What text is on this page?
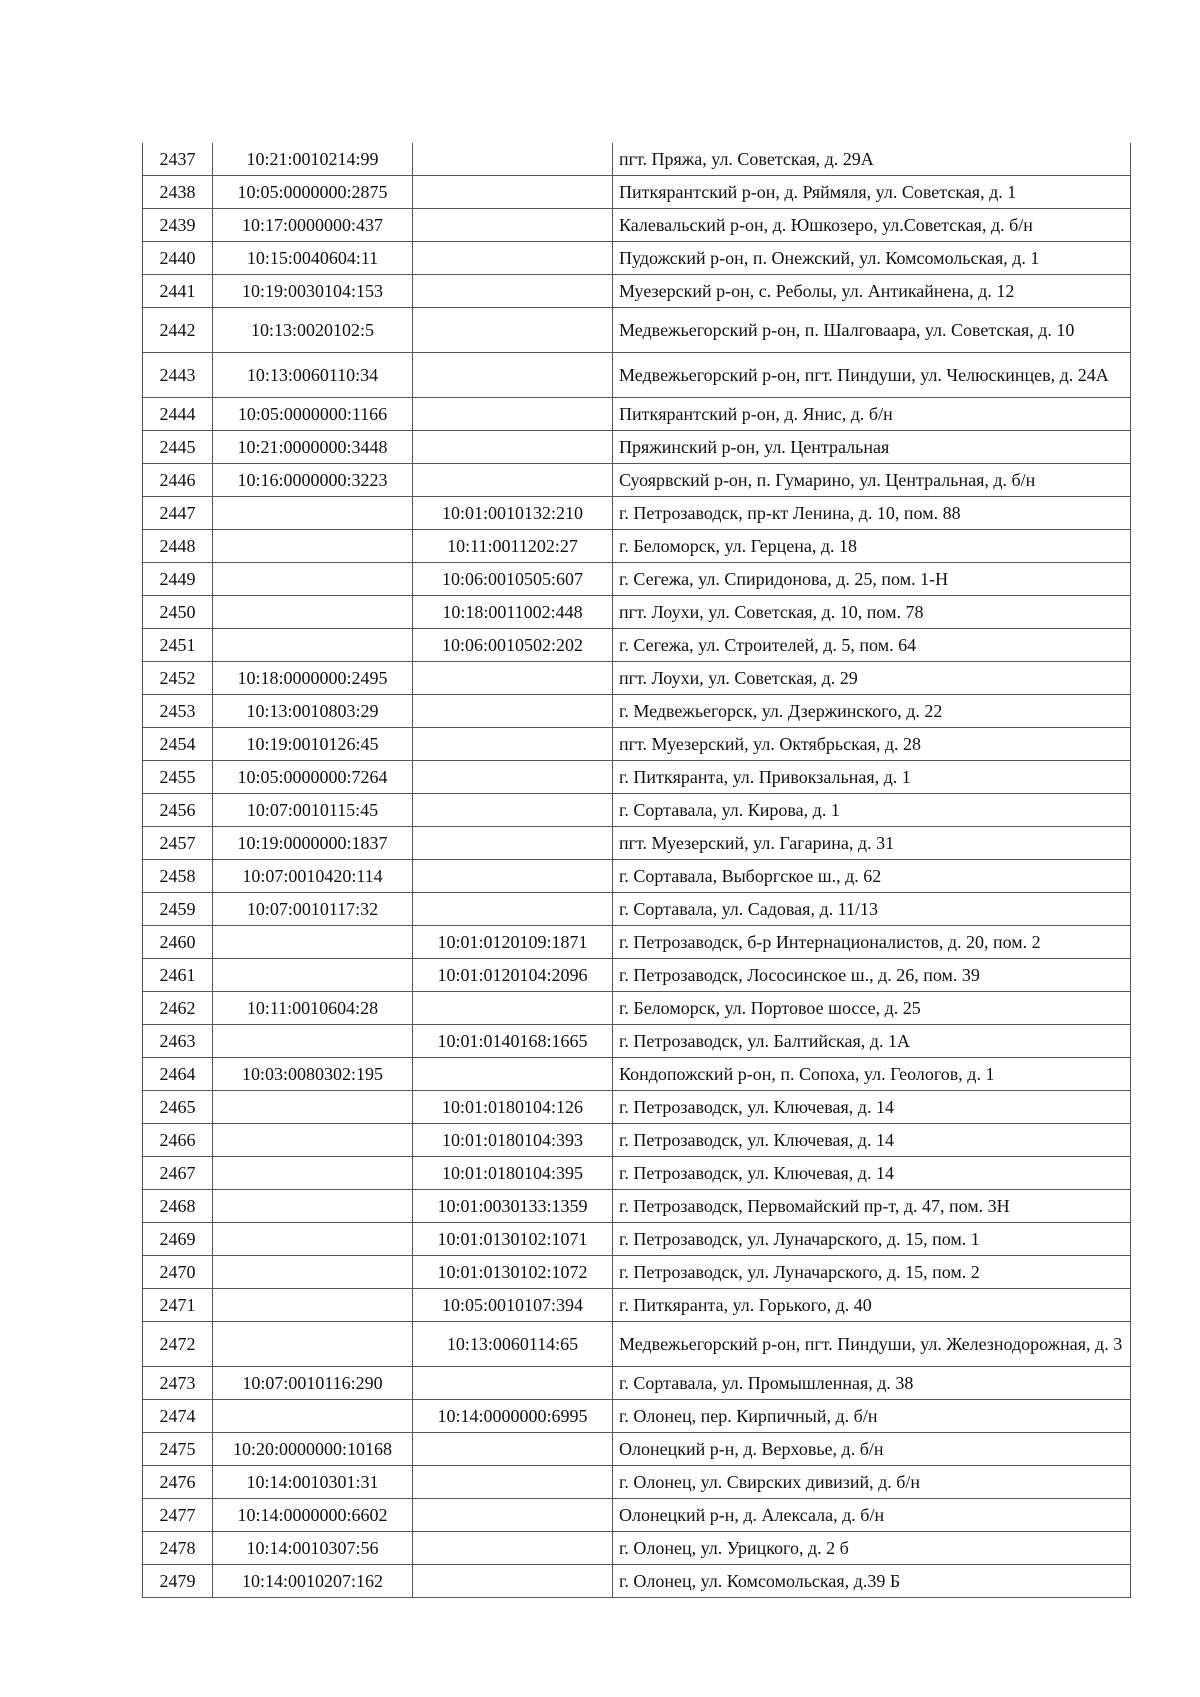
2437	10:21:0010214:99		пгт. Пряжа, ул. Советская, д. 29А
2438	10:05:0000000:2875		Питкярантский р-он, д. Ряймяля, ул. Советская, д. 1
2439	10:17:0000000:437		Калевальский р-он, д. Юшкозеро, ул.Советская, д. б/н
2440	10:15:0040604:11		Пудожский р-он, п. Онежский, ул. Комсомольская, д. 1
2441	10:19:0030104:153		Муезерский р-он, с. Реболы, ул. Антикайнена, д. 12
2442	10:13:0020102:5		Медвежьегорский р-он, п. Шалговаара, ул. Советская, д. 10
2443	10:13:0060110:34		Медвежьегорский р-он, пгт. Пиндуши, ул. Челюскинцев, д. 24А
2444	10:05:0000000:1166		Питкярантский р-он, д. Янис, д. б/н
2445	10:21:0000000:3448		Пряжинский р-он, ул. Центральная
2446	10:16:0000000:3223		Суоярвский р-он, п. Гумарино, ул. Центральная, д. б/н
2447		10:01:0010132:210	г. Петрозаводск, пр-кт Ленина, д. 10, пом. 88
2448		10:11:0011202:27	г. Беломорск, ул. Герцена, д. 18
2449		10:06:0010505:607	г. Сегежа, ул. Спиридонова, д. 25, пом. 1-Н
2450		10:18:0011002:448	пгт. Лоухи, ул. Советская, д. 10, пом. 78
2451		10:06:0010502:202	г. Сегежа, ул. Строителей, д. 5, пом. 64
2452	10:18:0000000:2495		пгт. Лоухи, ул. Советская, д. 29
2453	10:13:0010803:29		г. Медвежьегорск, ул. Дзержинского, д. 22
2454	10:19:0010126:45		пгт. Муезерский, ул. Октябрьская, д. 28
2455	10:05:0000000:7264		г. Питкяранта, ул. Привокзальная, д. 1
2456	10:07:0010115:45		г. Сортавала, ул. Кирова, д. 1
2457	10:19:0000000:1837		пгт. Муезерский, ул. Гагарина, д. 31
2458	10:07:0010420:114		г. Сортавала, Выборгское ш., д. 62
2459	10:07:0010117:32		г. Сортавала, ул. Садовая, д. 11/13
2460		10:01:0120109:1871	г. Петрозаводск, б-р Интернационалистов, д. 20, пом. 2
2461		10:01:0120104:2096	г. Петрозаводск, Лососинское ш., д. 26, пом. 39
2462	10:11:0010604:28		г. Беломорск, ул. Портовое шоссе, д. 25
2463		10:01:0140168:1665	г. Петрозаводск, ул. Балтийская, д. 1А
2464	10:03:0080302:195		Кондопожский р-он, п. Сопоха, ул. Геологов, д. 1
2465		10:01:0180104:126	г. Петрозаводск, ул. Ключевая, д. 14
2466		10:01:0180104:393	г. Петрозаводск, ул. Ключевая, д. 14
2467		10:01:0180104:395	г. Петрозаводск, ул. Ключевая, д. 14
2468		10:01:0030133:1359	г. Петрозаводск, Первомайский пр-т, д. 47, пом. 3Н
2469		10:01:0130102:1071	г. Петрозаводск, ул. Луначарского, д. 15, пом. 1
2470		10:01:0130102:1072	г. Петрозаводск, ул. Луначарского, д. 15, пом. 2
2471		10:05:0010107:394	г. Питкяранта, ул. Горького, д. 40
2472		10:13:0060114:65	Медвежьегорский р-он, пгт. Пиндуши, ул. Железнодорожная, д. 3
2473	10:07:0010116:290		г. Сортавала, ул. Промышленная, д. 38
2474		10:14:0000000:6995	г. Олонец, пер. Кирпичный, д. б/н
2475	10:20:0000000:10168		Олонецкий р-н, д. Верховье, д. б/н
2476	10:14:0010301:31		г. Олонец, ул. Свирских дивизий, д. б/н
2477	10:14:0000000:6602		Олонецкий р-н, д. Алексала, д. б/н
2478	10:14:0010307:56		г. Олонец, ул. Урицкого, д. 2 б
2479	10:14:0010207:162		г. Олонец, ул. Комсомольская, д.39 Б
